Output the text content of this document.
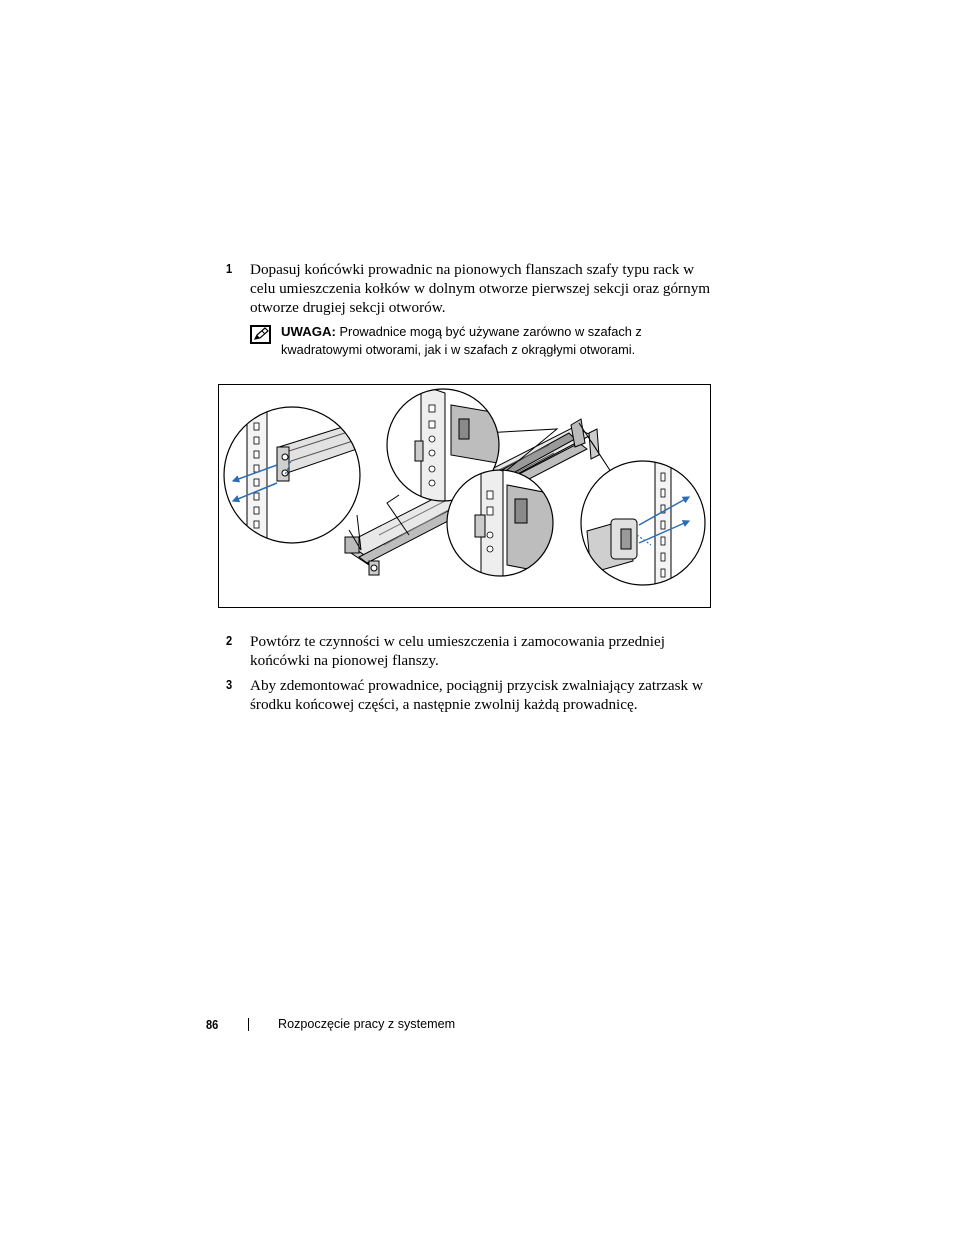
1 Dopasuj końcówki prowadnic na pionowych flanszach szafy typu rack w celu umieszczenia kołków w dolnym otworze pierwszej sekcji oraz górnym otworze drugiej sekcji otworów.
UWAGA: Prowadnice mogą być używane zarówno w szafach z kwadratowymi otworami, jak i w szafach z okrągłymi otworami.
2 Powtórz te czynności w celu umieszczenia i zamocowania przedniej końcówki na pionowej flanszy.
3 Aby zdemontować prowadnice, pociągnij przycisk zwalniający zatrzask w środku końcowej części, a następnie zwolnij każdą prowadnicę.
86	Rozpoczęcie pracy z systemem
